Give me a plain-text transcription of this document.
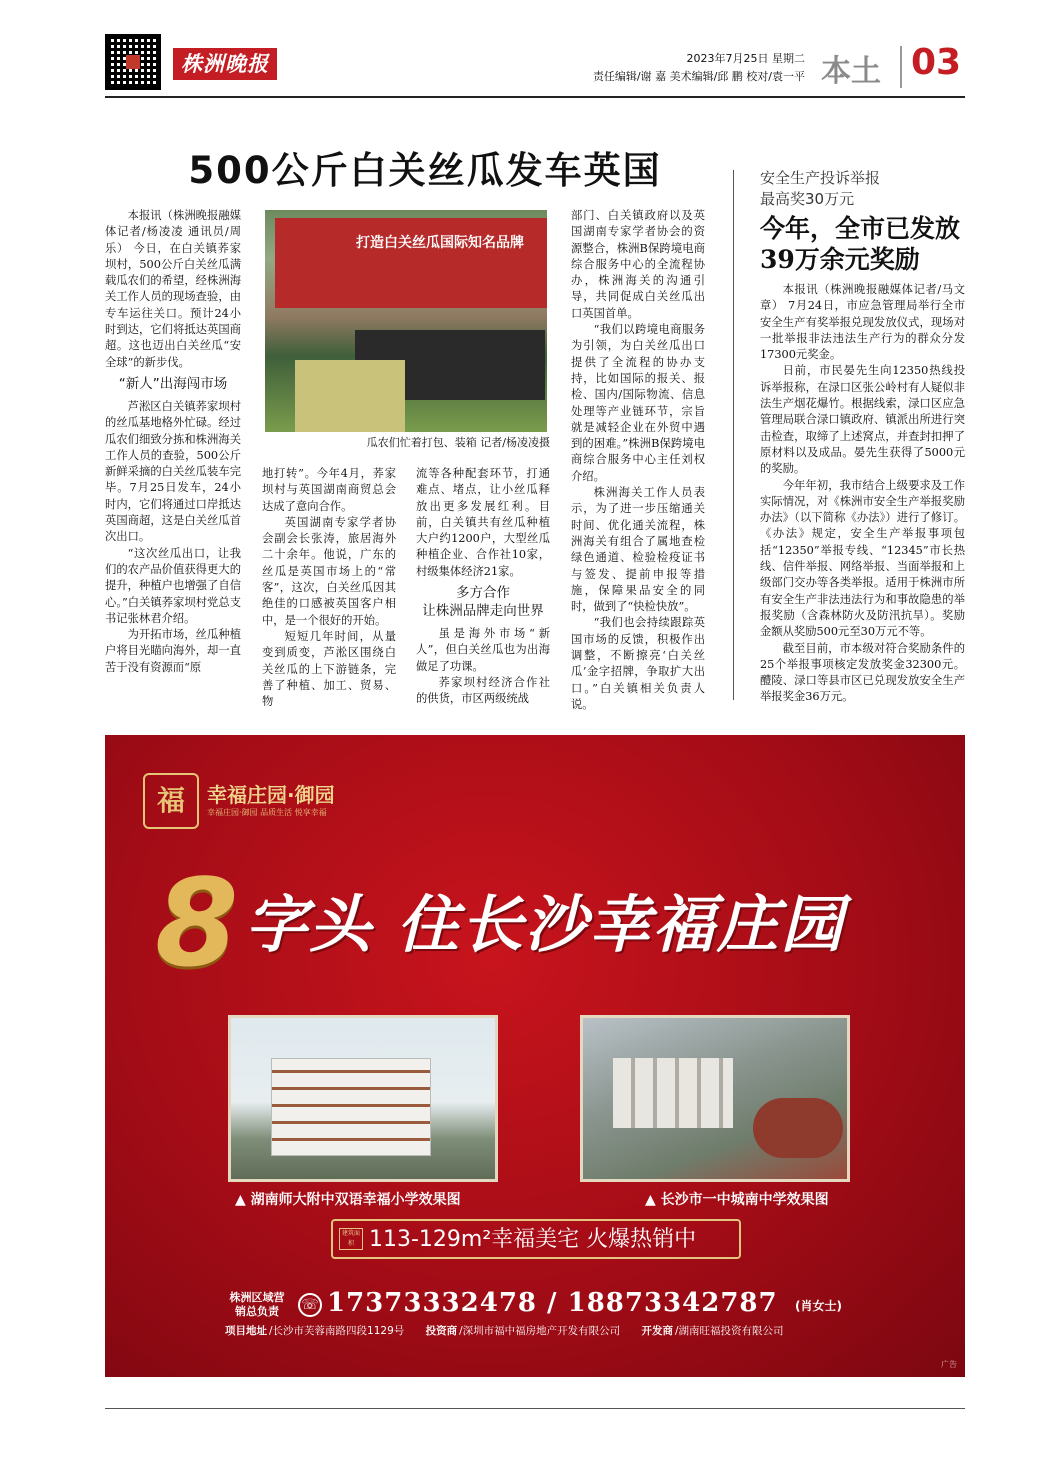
株洲晚报	2023年7月25日 星期二
责任编辑/谢 嘉 美术编辑/邱 鹏 校对/袁一平 本土 03
500公斤白关丝瓜发车英国

本报讯（株洲晚报融媒体记者/杨凌凌 通讯员/周乐） 今日，在白关镇荞家坝村，500公斤白关丝瓜满载瓜农们的希望，经株洲海关工作人员的现场查验，由专车运往关口。预计24小时到达，它们将抵达英国商超。这也迈出白关丝瓜“安全球”的新步伐。

“新人”出海闯市场

芦淞区白关镇荞家坝村的丝瓜基地格外忙碌。经过瓜农们细致分拣和株洲海关工作人员的查验，500公斤新鲜采摘的白关丝瓜装车完毕。7月25日发车，24小时内，它们将通过口岸抵达英国商超，这是白关丝瓜首次出口。

“这次丝瓜出口，让我们的农产品价值获得更大的提升，种植户也增强了自信心。”白关镇荞家坝村党总支书记张林君介绍。

为开拓市场，丝瓜种植户将目光瞄向海外，却一直苦于没有资源而“原

打造白关丝瓜国际知名品牌
瓜农们忙着打包、装箱 记者/杨凌凌摄

地打转”。今年4月，荞家坝村与英国湖南商贸总会达成了意向合作。

英国湖南专家学者协会副会长张涛，旅居海外二十余年。他说，广东的丝瓜是英国市场上的“常客”，这次，白关丝瓜因其绝佳的口感被英国客户相中，是一个很好的开始。

短短几年时间，从量变到质变，芦淞区围绕白关丝瓜的上下游链条，完善了种植、加工、贸易、物

流等各种配套环节，打通难点、堵点，让小丝瓜释放出更多发展红利。目前，白关镇共有丝瓜种植大户约1200户，大型丝瓜种植企业、合作社10家，村级集体经济21家。

多方合作
让株洲品牌走向世界

虽是海外市场“新人”，但白关丝瓜也为出海做足了功课。

荞家坝村经济合作社的供货，市区两级统战

部门、白关镇政府以及英国湖南专家学者协会的资源整合，株洲B保跨境电商综合服务中心的全流程协办，株洲海关的沟通引导，共同促成白关丝瓜出口英国首单。

“我们以跨境电商服务为引领，为白关丝瓜出口提供了全流程的协办支持，比如国际的报关、报检、国内/国际物流、信息处理等产业链环节，宗旨就是减轻企业在外贸中遇到的困难。”株洲B保跨境电商综合服务中心主任刘权介绍。

株洲海关工作人员表示，为了进一步压缩通关时间、优化通关流程，株洲海关有组合了属地查检绿色通道、检验检疫证书与签发、提前申报等措施，保障果品安全的同时，做到了“快检快放”。

“我们也会持续跟踪英国市场的反馈，积极作出调整，不断擦亮‘白关丝瓜’金字招牌，争取扩大出口。”白关镇相关负责人说。

安全生产投诉举报
最高奖30万元
今年，全市已发放39万余元奖励

本报讯（株洲晚报融媒体记者/马文章） 7月24日，市应急管理局举行全市安全生产有奖举报兑现发放仪式，现场对一批举报非法违法生产行为的群众分发17300元奖金。

日前，市民晏先生向12350热线投诉举报称，在渌口区张公岭村有人疑似非法生产烟花爆竹。根据线索，渌口区应急管理局联合渌口镇政府、镇派出所进行突击检查，取缔了上述窝点，并查封扣押了原材料以及成品。晏先生获得了5000元的奖励。

今年年初，我市结合上级要求及工作实际情况，对《株洲市安全生产举报奖励办法》（以下简称《办法》）进行了修订。《办法》规定，安全生产举报事项包括“12350”举报专线、“12345”市长热线、信件举报、网络举报、当面举报和上级部门交办等各类举报。适用于株洲市所有安全生产非法违法行为和事故隐患的举报奖励（含森林防火及防汛抗旱）。奖励金额从奖励500元至30万元不等。

截至目前，市本级对符合奖励条件的25个举报事项核定发放奖金32300元。醴陵、渌口等县市区已兑现发放安全生产举报奖金36万元。

福	幸福庄园·御园
幸福庄园·御园 品质生活 悦享幸福
8 字头 住长沙幸福庄园
▲ 湖南师大附中双语幸福小学效果图	▲ 长沙市一中城南中学效果图
建筑面积 113-129m²幸福美宅 火爆热销中
株洲区域营销总负责	☏ 17373332478 / 18873342787 (肖女士)
项目地址 /长沙市芙蓉南路四段1129号 投资商 /深圳市福中福房地产开发有限公司 开发商 /湖南旺福投资有限公司
广告
